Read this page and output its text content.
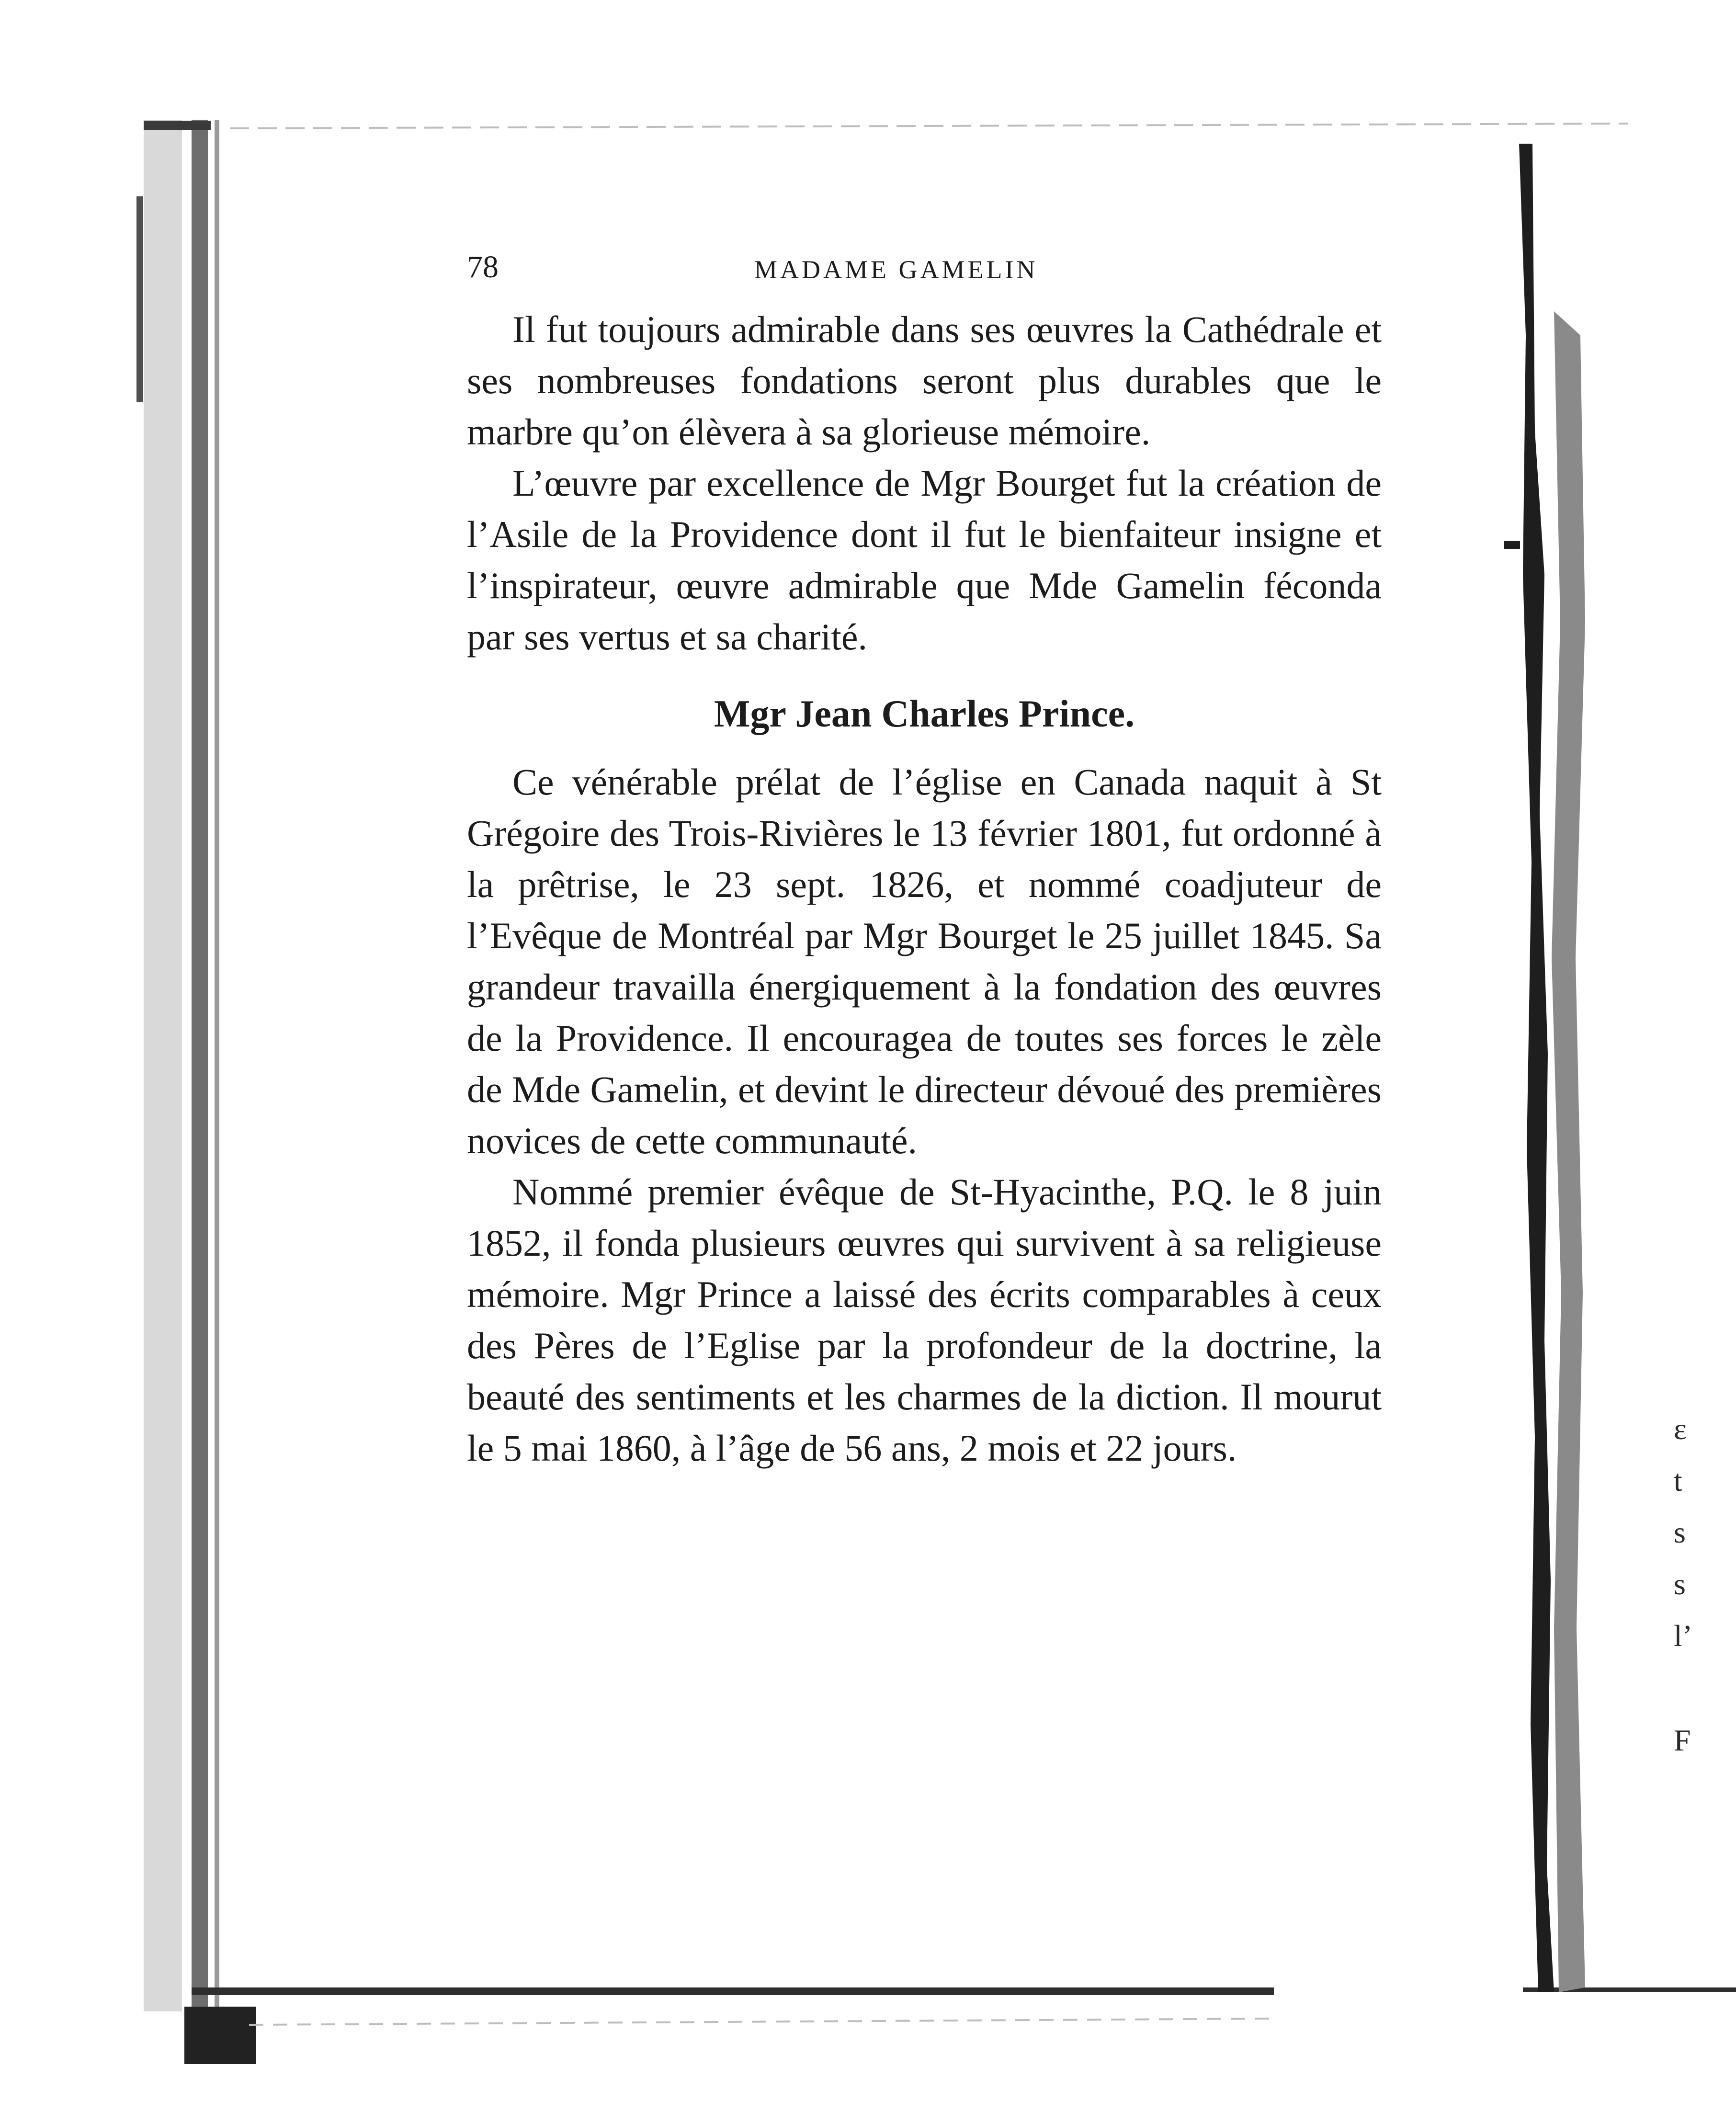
ε
t
s
s
l’
F
78	MADAME GAMELIN

Il fut toujours admirable dans ses œuvres la Cathédrale et ses nombreuses fondations seront plus durables que le marbre qu’on élèvera à sa glorieuse mémoire.

L’œuvre par excellence de Mgr Bourget fut la création de l’Asile de la Providence dont il fut le bienfaiteur insigne et l’inspirateur, œuvre admirable que Mde Gamelin féconda par ses vertus et sa charité.

Mgr Jean Charles Prince.

Ce vénérable prélat de l’église en Canada naquit à St Grégoire des Trois-Rivières le 13 février 1801, fut ordonné à la prêtrise, le 23 sept. 1826, et nommé coadjuteur de l’Evêque de Montréal par Mgr Bourget le 25 juillet 1845. Sa grandeur travailla énergiquement à la fondation des œuvres de la Providence. Il encouragea de toutes ses forces le zèle de Mde Gamelin, et devint le directeur dévoué des premières novices de cette communauté.

Nommé premier évêque de St-Hyacinthe, P.Q. le 8 juin 1852, il fonda plusieurs œuvres qui survivent à sa religieuse mémoire. Mgr Prince a laissé des écrits comparables à ceux des Pères de l’Eglise par la profondeur de la doctrine, la beauté des sentiments et les charmes de la diction. Il mourut le 5 mai 1860, à l’âge de 56 ans, 2 mois et 22 jours.
